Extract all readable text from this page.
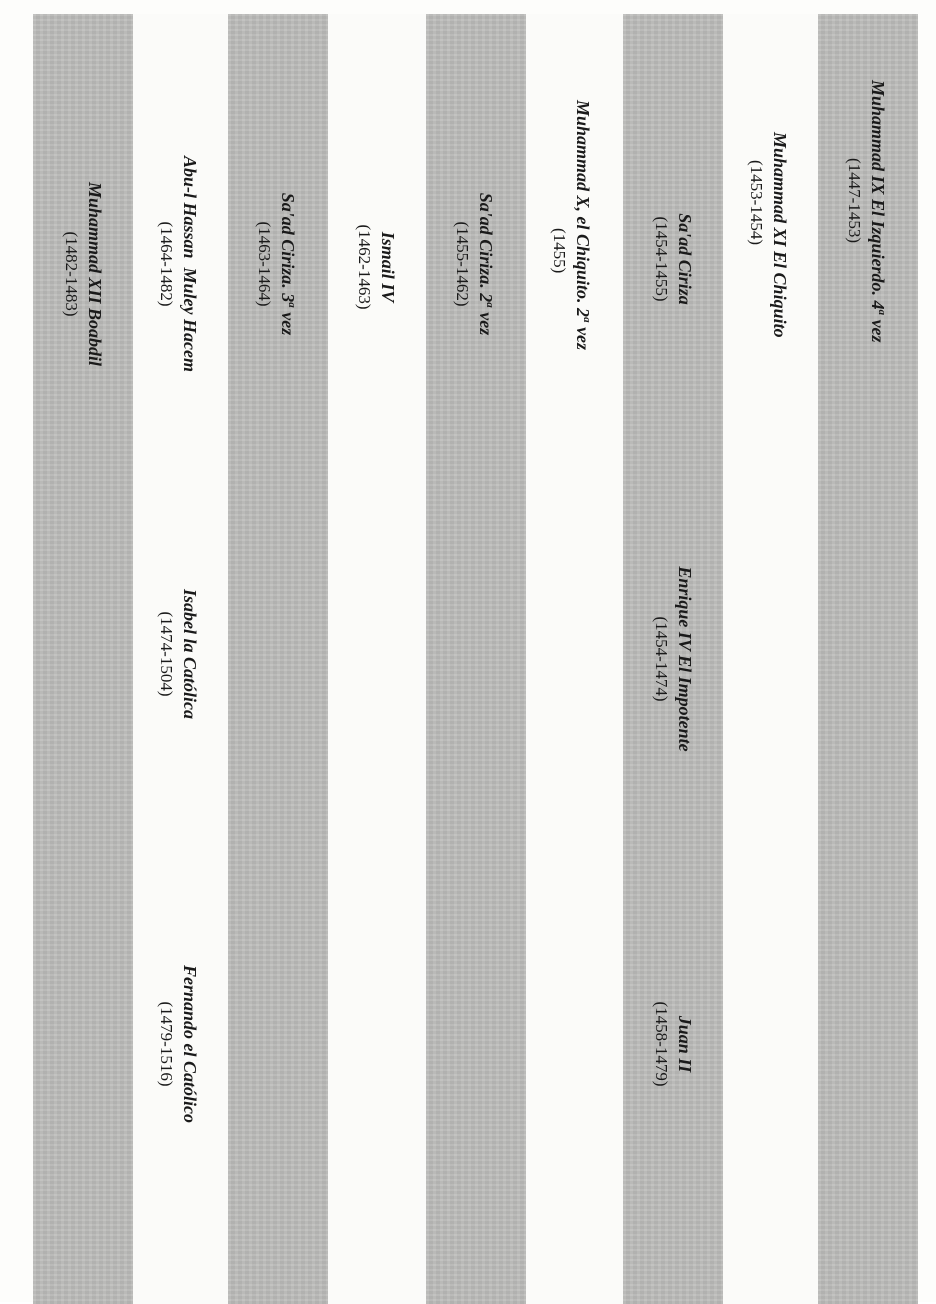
Muhammad IX El Izquierdo. 4$^a$ vez
(1447-1453)
Muhammad XI El Chiquito
(1453-1454)
Sa'ad Ciriza
(1454-1455)
Enrique IV El Impotente
(1454-1474)
Juan II
(1458-1479)
Muhammad X, el Chiquito. 2$^a$ vez
(1455)
Sa'ad Ciriza. 2$^a$ vez
(1455-1462)
Ismail IV
(1462-1463)
Sa'ad Ciriza. 3$^a$ vez
(1463-1464)
Abu-l Hassan  Muley Hacem
(1464-1482)
Isabel la Católica
(1474-1504)
Fernando el Católico
(1479-1516)
Muhammad XII Boabdil
(1482-1483)
